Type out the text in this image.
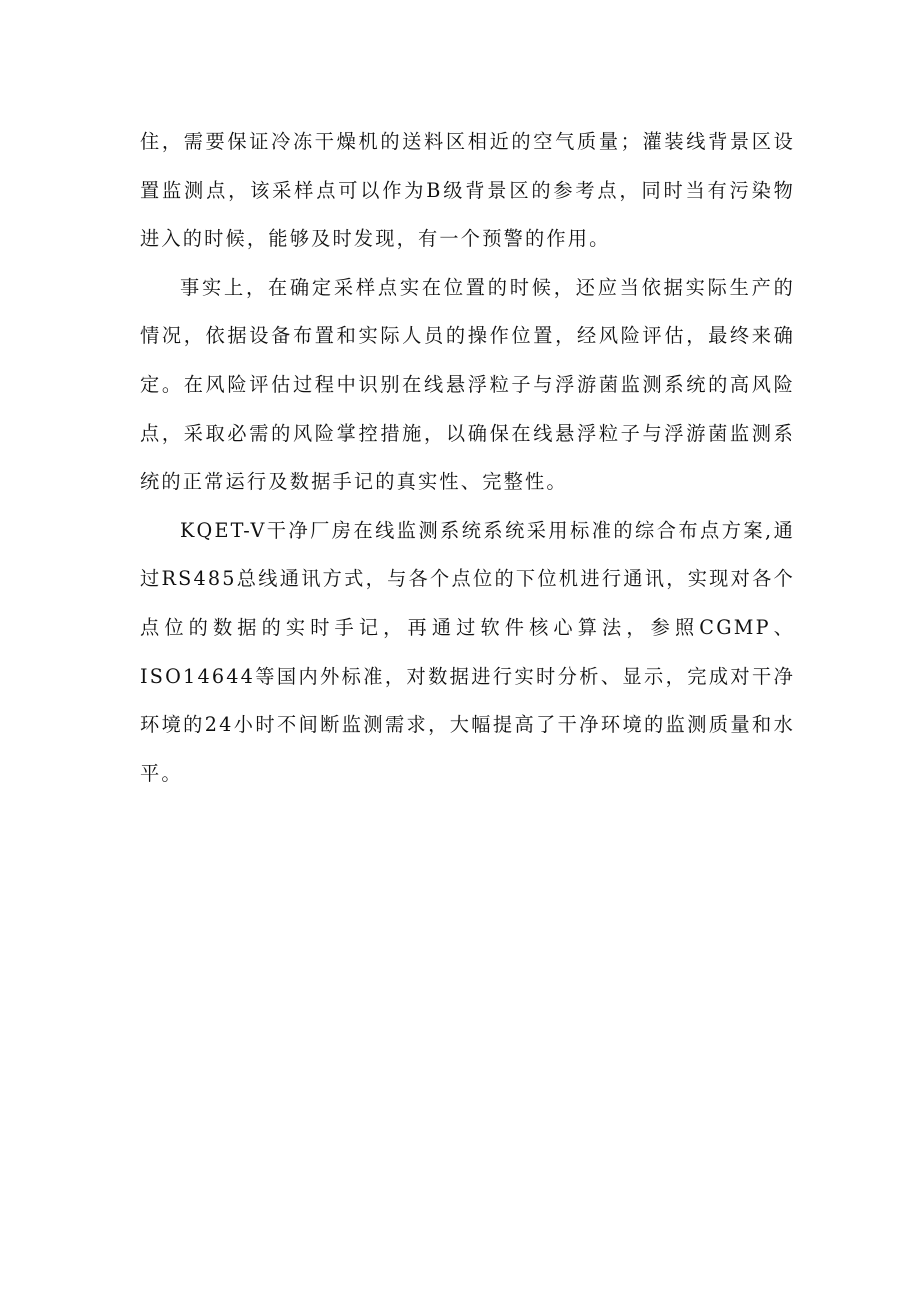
住，需要保证冷冻干燥机的送料区相近的空气质量；灌装线背景区设置监测点，该采样点可以作为B级背景区的参考点，同时当有污染物进入的时候，能够及时发现，有一个预警的作用。

事实上，在确定采样点实在位置的时候，还应当依据实际生产的情况，依据设备布置和实际人员的操作位置，经风险评估，最终来确定。在风险评估过程中识别在线悬浮粒子与浮游菌监测系统的高风险点，采取必需的风险掌控措施，以确保在线悬浮粒子与浮游菌监测系统的正常运行及数据手记的真实性、完整性。

KQET-V干净厂房在线监测系统系统采用标准的综合布点方案,通过RS485总线通讯方式，与各个点位的下位机进行通讯，实现对各个点位的数据的实时手记，再通过软件核心算法，参照CGMP、ISO14644等国内外标准，对数据进行实时分析、显示，完成对干净环境的24小时不间断监测需求，大幅提高了干净环境的监测质量和水平。
